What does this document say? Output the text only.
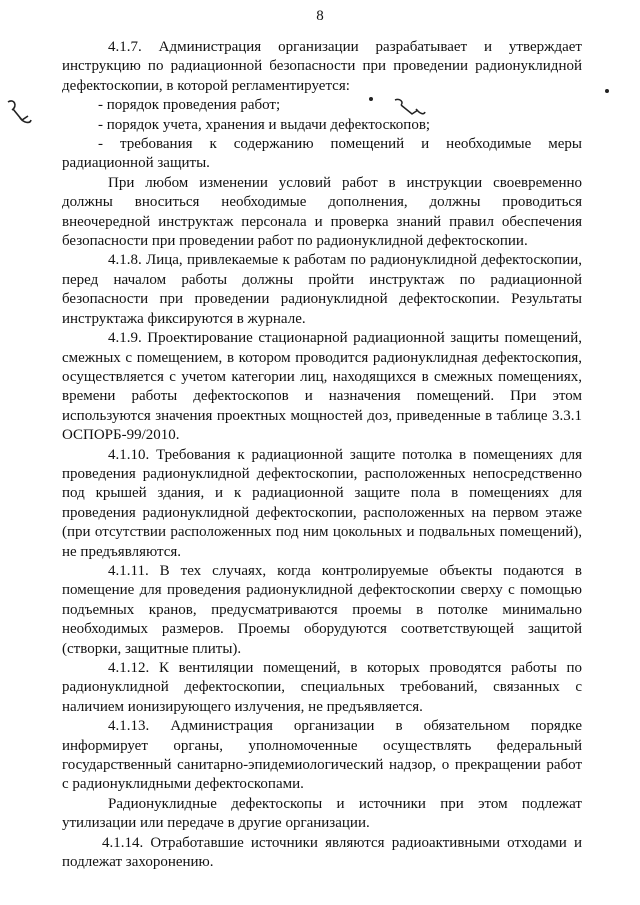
8

4.1.7. Администрация организации разрабатывает и утверждает инструкцию по радиационной безопасности при проведении радионуклидной дефектоскопии, в которой регламентируется:

- порядок проведения работ;

- порядок учета, хранения и выдачи дефектоскопов;

- требования к содержанию помещений и необходимые меры радиационной защиты.

При любом изменении условий работ в инструкции своевременно должны вноситься необходимые дополнения, должны проводиться внеочередной инструктаж персонала и проверка знаний правил обеспечения безопасности при проведении работ по радионуклидной дефектоскопии.

4.1.8. Лица, привлекаемые к работам по радионуклидной дефектоскопии, перед началом работы должны пройти инструктаж по радиационной безопасности при проведении радионуклидной дефектоскопии. Результаты инструктажа фиксируются в журнале.

4.1.9. Проектирование стационарной радиационной защиты помещений, смежных с помещением, в котором проводится радионуклидная дефектоскопия, осуществляется с учетом категории лиц, находящихся в смежных помещениях, времени работы дефектоскопов и назначения помещений. При этом используются значения проектных мощностей доз, приведенные в таблице 3.3.1 ОСПОРБ-99/2010.

4.1.10. Требования к радиационной защите потолка в помещениях для проведения радионуклидной дефектоскопии, расположенных непосредственно под крышей здания, и к радиационной защите пола в помещениях для проведения радионуклидной дефектоскопии, расположенных на первом этаже (при отсутствии расположенных под ним цокольных и подвальных помещений), не предъявляются.

4.1.11. В тех случаях, когда контролируемые объекты подаются в помещение для проведения радионуклидной дефектоскопии сверху с помощью подъемных кранов, предусматриваются проемы в потолке минимально необходимых размеров. Проемы оборудуются соответствующей защитой (створки, защитные плиты).

4.1.12. К вентиляции помещений, в которых проводятся работы по радионуклидной дефектоскопии, специальных требований, связанных с наличием ионизирующего излучения, не предъявляется.

4.1.13. Администрация организации в обязательном порядке информирует органы, уполномоченные осуществлять федеральный государственный санитарно-эпидемиологический надзор, о прекращении работ с радионуклидными дефектоскопами.

Радионуклидные дефектоскопы и источники при этом подлежат утилизации или передаче в другие организации.

4.1.14. Отработавшие источники являются радиоактивными отходами и подлежат захоронению.
